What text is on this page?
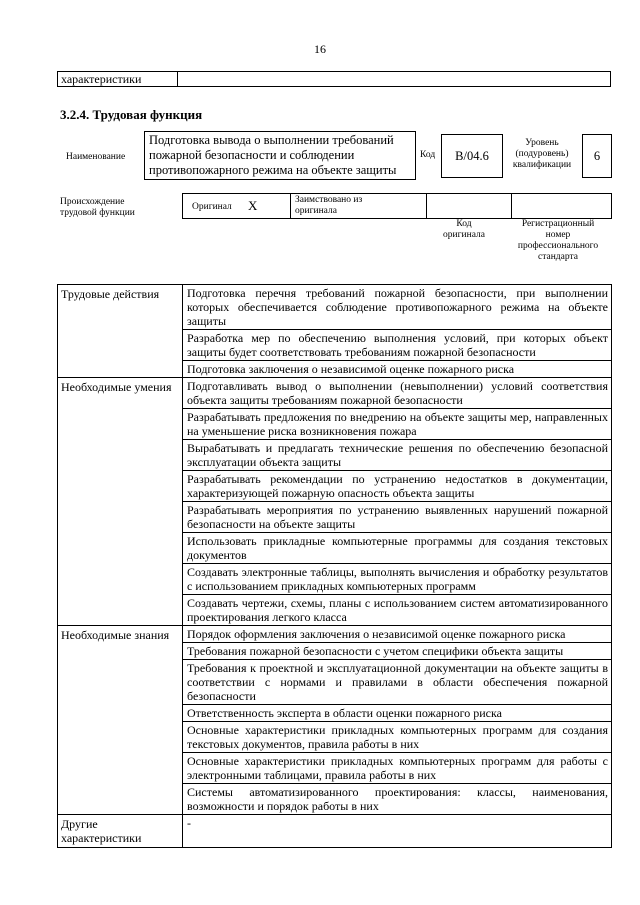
16
характеристики	
3.2.4. Трудовая функция
Наименование
Подготовка вывода о выполнении требований
пожарной безопасности и соблюдении
противопожарного режима на объекте защиты
Код	B/04.6
Уровень
(подуровень)
квалификации
6
Происхождение
трудовой функции
Оригинал X	Заимствовано из
оригинала
Код
оригинала
Регистрационный
номер
профессионального
стандарта
Трудовые действия	Подготовка перечня требований пожарной безопасности, при выполнении которых обеспечивается соблюдение противопожарного режима на объекте защиты
	Разработка мер по обеспечению выполнения условий, при которых объект защиты будет соответствовать требованиям пожарной безопасности
	Подготовка заключения о независимой оценке пожарного риска
Необходимые умения	Подготавливать вывод о выполнении (невыполнении) условий соответствия объекта защиты требованиям пожарной безопасности
	Разрабатывать предложения по внедрению на объекте защиты мер, направленных на уменьшение риска возникновения пожара
	Вырабатывать и предлагать технические решения по обеспечению безопасной эксплуатации объекта защиты
	Разрабатывать рекомендации по устранению недостатков в документации, характеризующей пожарную опасность объекта защиты
	Разрабатывать мероприятия по устранению выявленных нарушений пожарной безопасности на объекте защиты
	Использовать прикладные компьютерные программы для создания текстовых документов
	Создавать электронные таблицы, выполнять вычисления и обработку результатов с использованием прикладных компьютерных программ
	Создавать чертежи, схемы, планы с использованием систем автоматизированного проектирования легкого класса
Необходимые знания	Порядок оформления заключения о независимой оценке пожарного риска
	Требования пожарной безопасности с учетом специфики объекта защиты
	Требования к проектной и эксплуатационной документации на объекте защиты в соответствии с нормами и правилами в области обеспечения пожарной безопасности
	Ответственность эксперта в области оценки пожарного риска
	Основные характеристики прикладных компьютерных программ для создания текстовых документов, правила работы в них
	Основные характеристики прикладных компьютерных программ для работы с электронными таблицами, правила работы в них
	Системы автоматизированного проектирования: классы, наименования, возможности и порядок работы в них
Другие характеристики	-
